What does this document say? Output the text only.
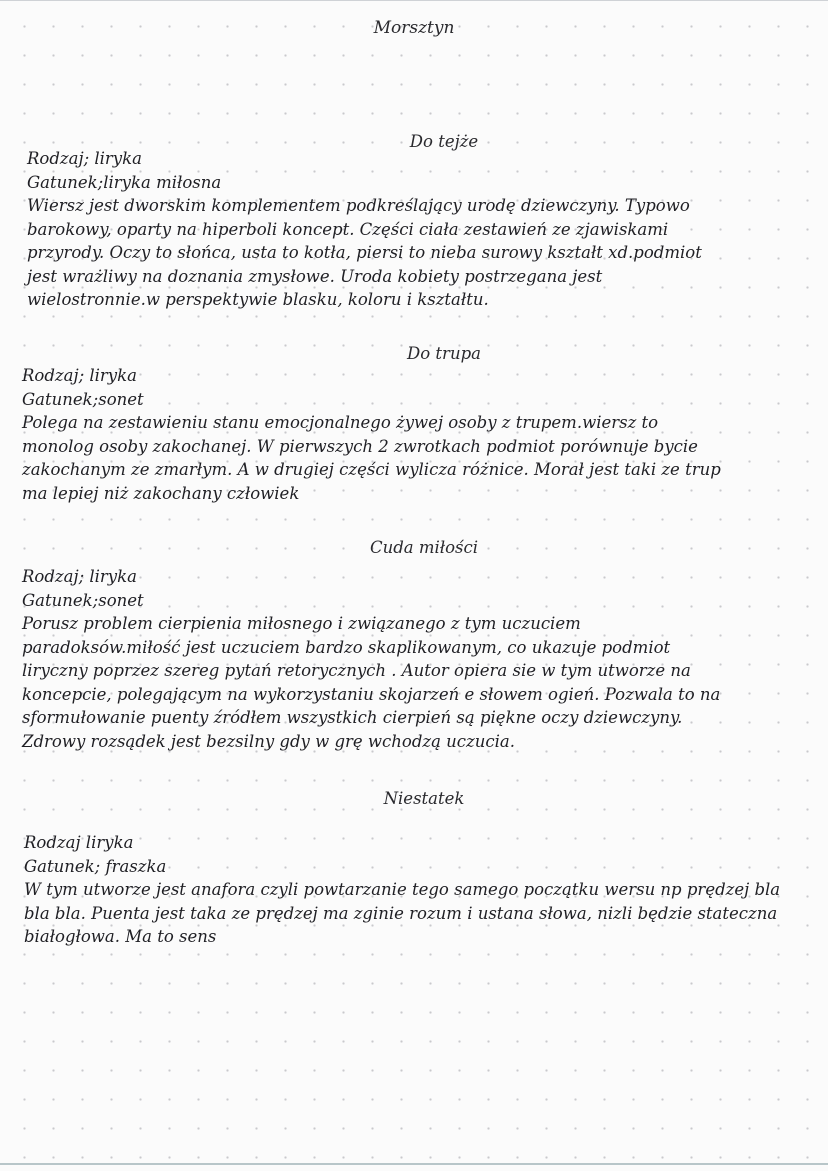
Morsztyn
Do tejże
Rodzaj; liryka
Gatunek;liryka miłosna
Wiersz jest dworskim komplementem podkreślający urodę dziewczyny. Typowo
barokowy, oparty na hiperboli koncept. Części ciała zestawień ze zjawiskami
przyrody. Oczy to słońca, usta to kotła, piersi to nieba surowy kształt xd.podmiot
jest wrażliwy na doznania zmysłowe. Uroda kobiety postrzegana jest
wielostronnie.w perspektywie blasku, koloru i kształtu.
Do trupa
Rodzaj; liryka
Gatunek;sonet
Polega na zestawieniu stanu emocjonalnego żywej osoby z trupem.wiersz to
monolog osoby zakochanej. W pierwszych 2 zwrotkach podmiot porównuje bycie
zakochanym ze zmarłym. A w drugiej części wylicza różnice. Morał jest taki ze trup
ma lepiej niż zakochany człowiek
Cuda miłości
Rodzaj; liryka
Gatunek;sonet
Porusz problem cierpienia miłosnego i związanego z tym uczuciem
paradoksów.miłość jest uczuciem bardzo skaplikowanym, co ukazuje podmiot
liryczny poprzez szereg pytań retorycznych . Autor opiera sie w tym utworze na
koncepcie, polegającym na wykorzystaniu skojarzeń e słowem ogień. Pozwala to na
sformułowanie puenty źródłem wszystkich cierpień są piękne oczy dziewczyny.
Zdrowy rozsądek jest bezsilny gdy w grę wchodzą uczucia.
Niestatek
Rodzaj liryka
Gatunek; fraszka
W tym utworze jest anafora czyli powtarzanie tego samego początku wersu np prędzej bla
bla bla. Puenta jest taka ze prędzej ma zginie rozum i ustana słowa, nizli będzie stateczna
białogłowa. Ma to sens
